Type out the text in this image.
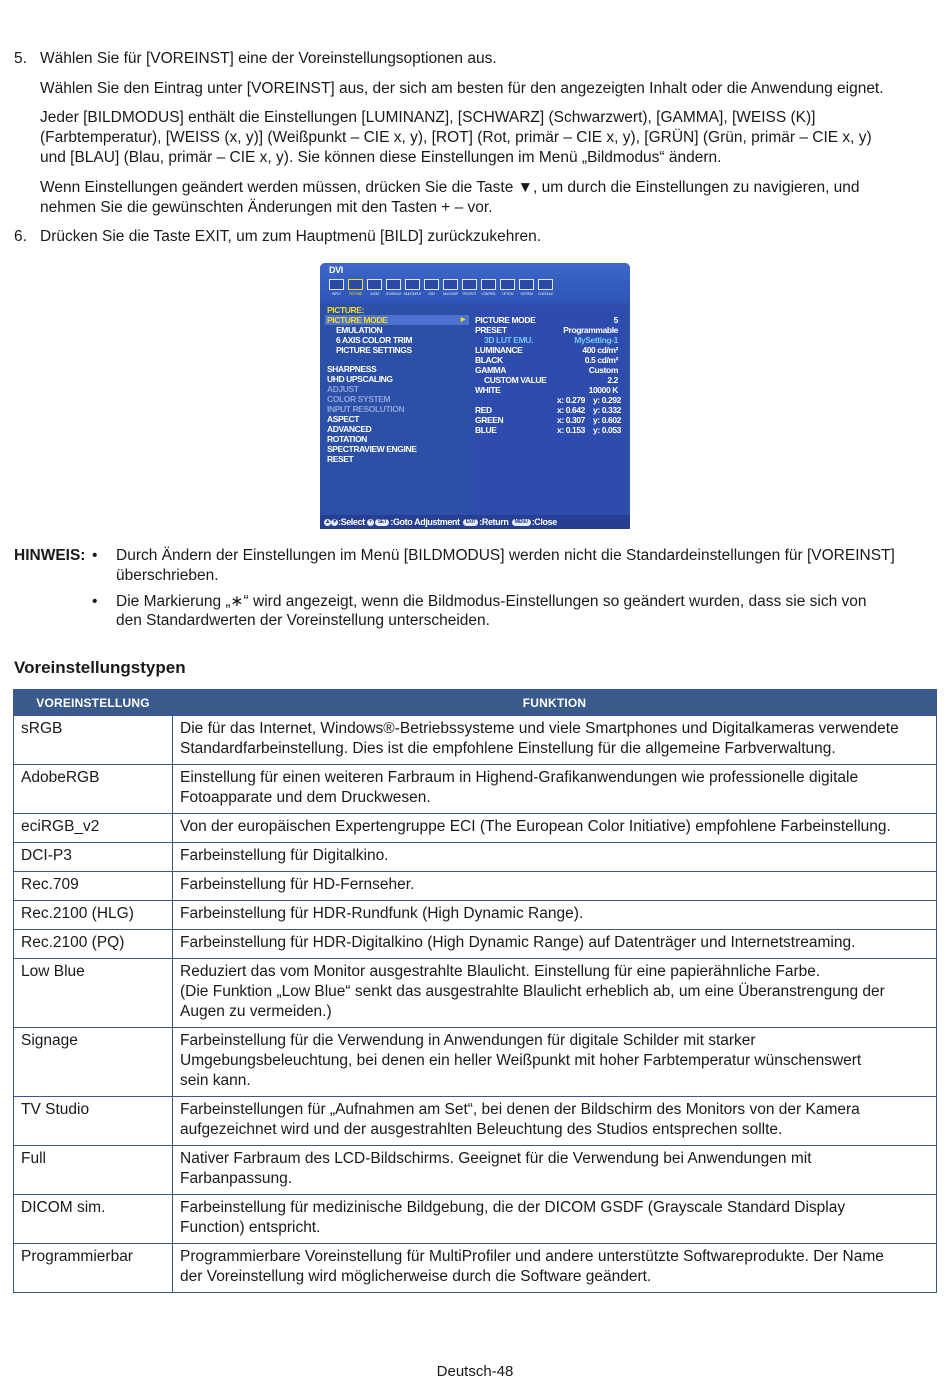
5. Wählen Sie für [VOREINST] eine der Voreinstellungsoptionen aus.

Wählen Sie den Eintrag unter [VOREINST] aus, der sich am besten für den angezeigten Inhalt oder die Anwendung eignet.

Jeder [BILDMODUS] enthält die Einstellungen [LUMINANZ], [SCHWARZ] (Schwarzwert), [GAMMA], [WEISS (K)]

(Farbtemperatur), [WEISS (x, y)] (Weißpunkt – CIE x, y), [ROT] (Rot, primär – CIE x, y), [GRÜN] (Grün, primär – CIE x, y)

und [BLAU] (Blau, primär – CIE x, y). Sie können diese Einstellungen im Menü „Bildmodus“ ändern.

Wenn Einstellungen geändert werden müssen, drücken Sie die Taste ▼, um durch die Einstellungen zu navigieren, und

nehmen Sie die gewünschten Änderungen mit den Tasten + – vor.

6. Drücken Sie die Taste EXIT, um zum Hauptmenü [BILD] zurückzukehren.

DVI
INPUT	PICTURE	AUDIO	SCHEDULE MULTI-INPUT	OSD	MULTI-DSP	PROTECT	CONTROL	OPTION	SYSTEM	C MODULE
PICTURE:
PICTURE MODE	▶
EMULATION
6 AXIS COLOR TRIM
PICTURE SETTINGS
SHARPNESS
UHD UPSCALING
ADJUST
COLOR SYSTEM
INPUT RESOLUTION
ASPECT
ADVANCED
ROTATION
SPECTRAVIEW ENGINE
RESET
PICTURE MODE	5
PRESET	Programmable
3D LUT EMU.	MySetting-1
LUMINANCE	400 cd/m²
BLACK	0.5 cd/m²
GAMMA	Custom
CUSTOM VALUE	2.2
WHITE	10000 K
x: 0.279 y: 0.292
RED	x: 0.642 y: 0.332
GREEN	x: 0.307 y: 0.602
BLUE	x: 0.153 y: 0.053
▲▼:Select + SET :Goto Adjustment EXIT :Return MENU :Close
HINWEIS: • Durch Ändern der Einstellungen im Menü [BILDMODUS] werden nicht die Standardeinstellungen für [VOREINST]

überschrieben.

• Die Markierung „∗“ wird angezeigt, wenn die Bildmodus-Einstellungen so geändert wurden, dass sie sich von

den Standardwerten der Voreinstellung unterscheiden.

Voreinstellungstypen
VOREINSTELLUNG	FUNKTION
sRGB	Die für das Internet, Windows®-Betriebssysteme und viele Smartphones und Digitalkameras verwendete
Standardfarbeinstellung. Dies ist die empfohlene Einstellung für die allgemeine Farbverwaltung.

AdobeRGB	Einstellung für einen weiteren Farbraum in Highend-Grafikanwendungen wie professionelle digitale
Fotoapparate und dem Druckwesen.

eciRGB_v2	Von der europäischen Expertengruppe ECI (The European Color Initiative) empfohlene Farbeinstellung.

DCI-P3	Farbeinstellung für Digitalkino.

Rec.709	Farbeinstellung für HD-Fernseher.

Rec.2100 (HLG)	Farbeinstellung für HDR-Rundfunk (High Dynamic Range).

Rec.2100 (PQ)	Farbeinstellung für HDR-Digitalkino (High Dynamic Range) auf Datenträger und Internetstreaming.

Low Blue	Reduziert das vom Monitor ausgestrahlte Blaulicht. Einstellung für eine papierähnliche Farbe.
(Die Funktion „Low Blue“ senkt das ausgestrahlte Blaulicht erheblich ab, um eine Überanstrengung der
Augen zu vermeiden.)

Signage	Farbeinstellung für die Verwendung in Anwendungen für digitale Schilder mit starker
Umgebungsbeleuchtung, bei denen ein heller Weißpunkt mit hoher Farbtemperatur wünschenswert
sein kann.

TV Studio	Farbeinstellungen für „Aufnahmen am Set“, bei denen der Bildschirm des Monitors von der Kamera
aufgezeichnet wird und der ausgestrahlten Beleuchtung des Studios entsprechen sollte.

Full	Nativer Farbraum des LCD-Bildschirms. Geeignet für die Verwendung bei Anwendungen mit
Farbanpassung.

DICOM sim.	Farbeinstellung für medizinische Bildgebung, die der DICOM GSDF (Grayscale Standard Display
Function) entspricht.

Programmierbar	Programmierbare Voreinstellung für MultiProfiler und andere unterstützte Softwareprodukte. Der Name
der Voreinstellung wird möglicherweise durch die Software geändert.
Deutsch-48
